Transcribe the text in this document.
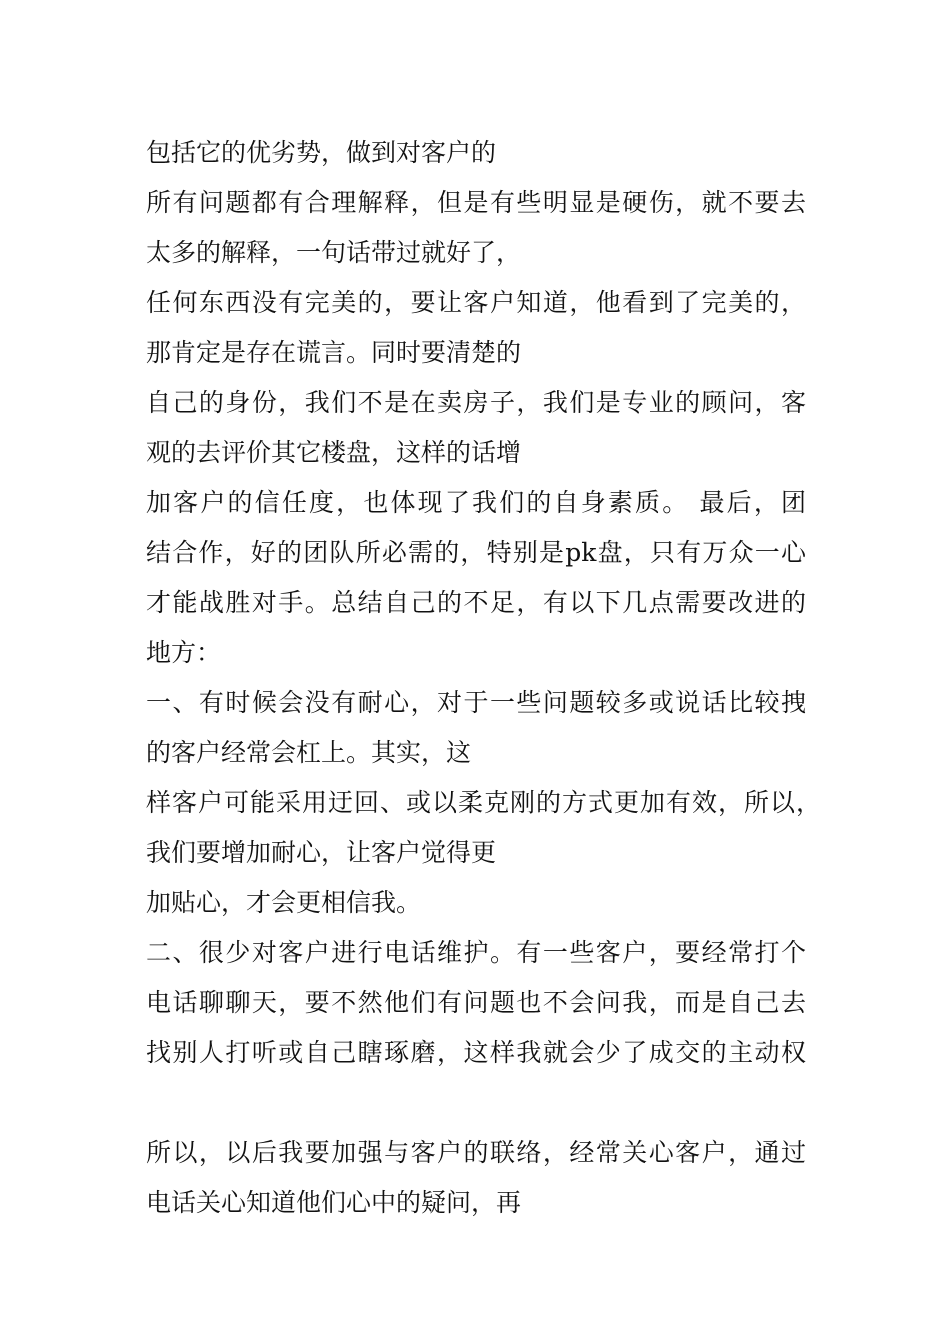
包括它的优劣势，做到对客户的
所有问题都有合理解释，但是有些明显是硬伤，就不要去
太多的解释，一句话带过就好了，
任何东西没有完美的，要让客户知道，他看到了完美的，
那肯定是存在谎言。同时要清楚的
自己的身份，我们不是在卖房子，我们是专业的顾问，客
观的去评价其它楼盘，这样的话增
加客户的信任度，也体现了我们的自身素质。 最后，团
结合作，好的团队所必需的，特别是pk盘，只有万众一心
才能战胜对手。总结自己的不足，有以下几点需要改进的
地方：
一、有时候会没有耐心，对于一些问题较多或说话比较拽
的客户经常会杠上。其实，这
样客户可能采用迂回、或以柔克刚的方式更加有效，所以，
我们要增加耐心，让客户觉得更
加贴心，才会更相信我。
二、很少对客户进行电话维护。有一些客户，要经常打个
电话聊聊天，要不然他们有问题也不会问我，而是自己去
找别人打听或自己瞎琢磨，这样我就会少了成交的主动权
所以，以后我要加强与客户的联络，经常关心客户，通过
电话关心知道他们心中的疑问，再
